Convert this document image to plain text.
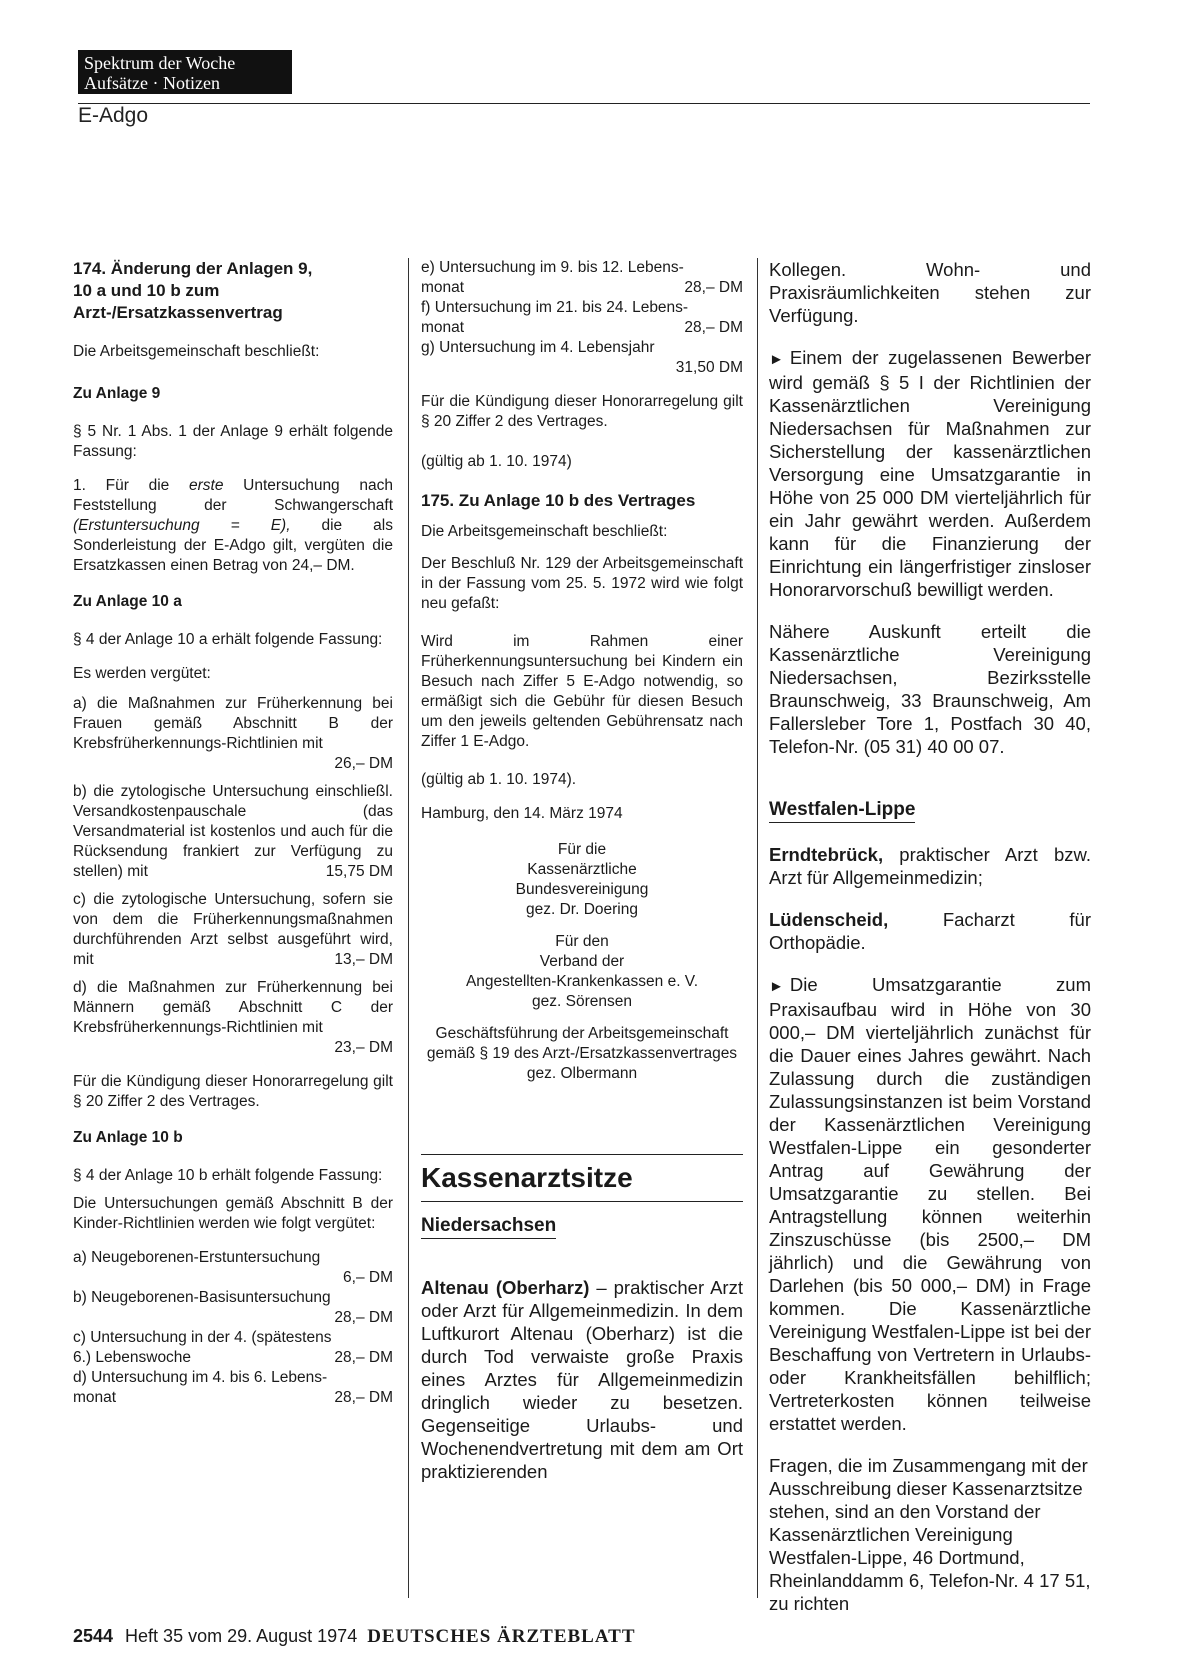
Spektrum der Woche
Aufsätze · Notizen
E-Adgo
174. Änderung der Anlagen 9,
10 a und 10 b zum
Arzt-/Ersatzkassenvertrag

Die Arbeitsgemeinschaft beschließt:

Zu Anlage 9

§ 5 Nr. 1 Abs. 1 der Anlage 9 erhält folgende Fassung:

1. Für die erste Untersuchung nach Feststellung der Schwangerschaft (Erstuntersuchung = E), die als Sonderleistung der E-Adgo gilt, vergüten die Ersatzkassen einen Betrag von 24,– DM.

Zu Anlage 10 a

§ 4 der Anlage 10 a erhält folgende Fassung:

Es werden vergütet:

a) die Maßnahmen zur Früherkennung bei Frauen gemäß Abschnitt B der Krebsfrüherkennungs-Richtlinien mit
26,– DM

b) die zytologische Untersuchung einschließl. Versandkostenpauschale (das Versandmaterial ist kostenlos und auch für die Rücksendung frankiert zur Verfügung zu stellen) mit	15,75 DM

c) die zytologische Untersuchung, sofern sie von dem die Früherkennungsmaßnahmen durchführenden Arzt selbst ausgeführt wird, mit	13,– DM

d) die Maßnahmen zur Früherkennung bei Männern gemäß Abschnitt C der Krebsfrüherkennungs-Richtlinien mit
23,– DM

Für die Kündigung dieser Honorarregelung gilt § 20 Ziffer 2 des Vertrages.

Zu Anlage 10 b

§ 4 der Anlage 10 b erhält folgende Fassung:

Die Untersuchungen gemäß Abschnitt B der Kinder-Richtlinien werden wie folgt vergütet:

a) Neugeborenen-Erstuntersuchung
6,– DM
b) Neugeborenen-Basisuntersuchung
28,– DM
c) Untersuchung in der 4. (spätestens
6.) Lebenswoche	28,– DM
d) Untersuchung im 4. bis 6. Lebens-
monat	28,– DM
e) Untersuchung im 9. bis 12. Lebens-
monat	28,– DM
f) Untersuchung im 21. bis 24. Lebens-
monat	28,– DM
g) Untersuchung im 4. Lebensjahr
31,50 DM

Für die Kündigung dieser Honorarregelung gilt § 20 Ziffer 2 des Vertrages.

(gültig ab 1. 10. 1974)

175. Zu Anlage 10 b des Vertrages

Die Arbeitsgemeinschaft beschließt:

Der Beschluß Nr. 129 der Arbeitsgemeinschaft in der Fassung vom 25. 5. 1972 wird wie folgt neu gefaßt:

Wird im Rahmen einer Früherkennungsuntersuchung bei Kindern ein Besuch nach Ziffer 5 E-Adgo notwendig, so ermäßigt sich die Gebühr für diesen Besuch um den jeweils geltenden Gebührensatz nach Ziffer 1 E-Adgo.

(gültig ab 1. 10. 1974).

Hamburg, den 14. März 1974

Für die
Kassenärztliche
Bundesvereinigung
gez. Dr. Doering
Für den
Verband der
Angestellten-Krankenkassen e. V.
gez. Sörensen
Geschäftsführung der Arbeitsgemeinschaft
gemäß § 19 des Arzt-/Ersatzkassenvertrages
gez. Olbermann
Kassenarztsitze
Niedersachsen

Altenau (Oberharz) – praktischer Arzt oder Arzt für Allgemeinmedizin. In dem Luftkurort Altenau (Oberharz) ist die durch Tod verwaiste große Praxis eines Arztes für Allgemeinmedizin dringlich wieder zu besetzen. Gegenseitige Urlaubs- und Wochenendvertretung mit dem am Ort praktizierenden

Kollegen. Wohn- und Praxisräumlichkeiten stehen zur Verfügung.

► Einem der zugelassenen Bewerber wird gemäß § 5 I der Richtlinien der Kassenärztlichen Vereinigung Niedersachsen für Maßnahmen zur Sicherstellung der kassenärztlichen Versorgung eine Umsatzgarantie in Höhe von 25 000 DM vierteljährlich für ein Jahr gewährt werden. Außerdem kann für die Finanzierung der Einrichtung ein längerfristiger zinsloser Honorarvorschuß bewilligt werden.

Nähere Auskunft erteilt die Kassenärztliche Vereinigung Niedersachsen, Bezirksstelle Braunschweig, 33 Braunschweig, Am Fallersleber Tore 1, Postfach 30 40, Telefon-Nr. (05 31) 40 00 07.

Westfalen-Lippe

Erndtebrück, praktischer Arzt bzw. Arzt für Allgemeinmedizin;

Lüdenscheid, Facharzt für Orthopädie.

► Die Umsatzgarantie zum Praxisaufbau wird in Höhe von 30 000,– DM vierteljährlich zunächst für die Dauer eines Jahres gewährt. Nach Zulassung durch die zuständigen Zulassungsinstanzen ist beim Vorstand der Kassenärztlichen Vereinigung Westfalen-Lippe ein gesonderter Antrag auf Gewährung der Umsatzgarantie zu stellen. Bei Antragstellung können weiterhin Zinszuschüsse (bis 2500,– DM jährlich) und die Gewährung von Darlehen (bis 50 000,– DM) in Frage kommen. Die Kassenärztliche Vereinigung Westfalen-Lippe ist bei der Beschaffung von Vertretern in Urlaubs- oder Krankheitsfällen behilflich; Vertreterkosten können teilweise erstattet werden.

Fragen, die im Zusammengang mit der Ausschreibung dieser Kassenarztsitze stehen, sind an den Vorstand der Kassenärztlichen Vereinigung Westfalen-Lippe, 46 Dortmund, Rheinlanddamm 6, Telefon-Nr. 4 17 51, zu richten

2544 Heft 35 vom 29. August 1974 DEUTSCHES ÄRZTEBLATT
